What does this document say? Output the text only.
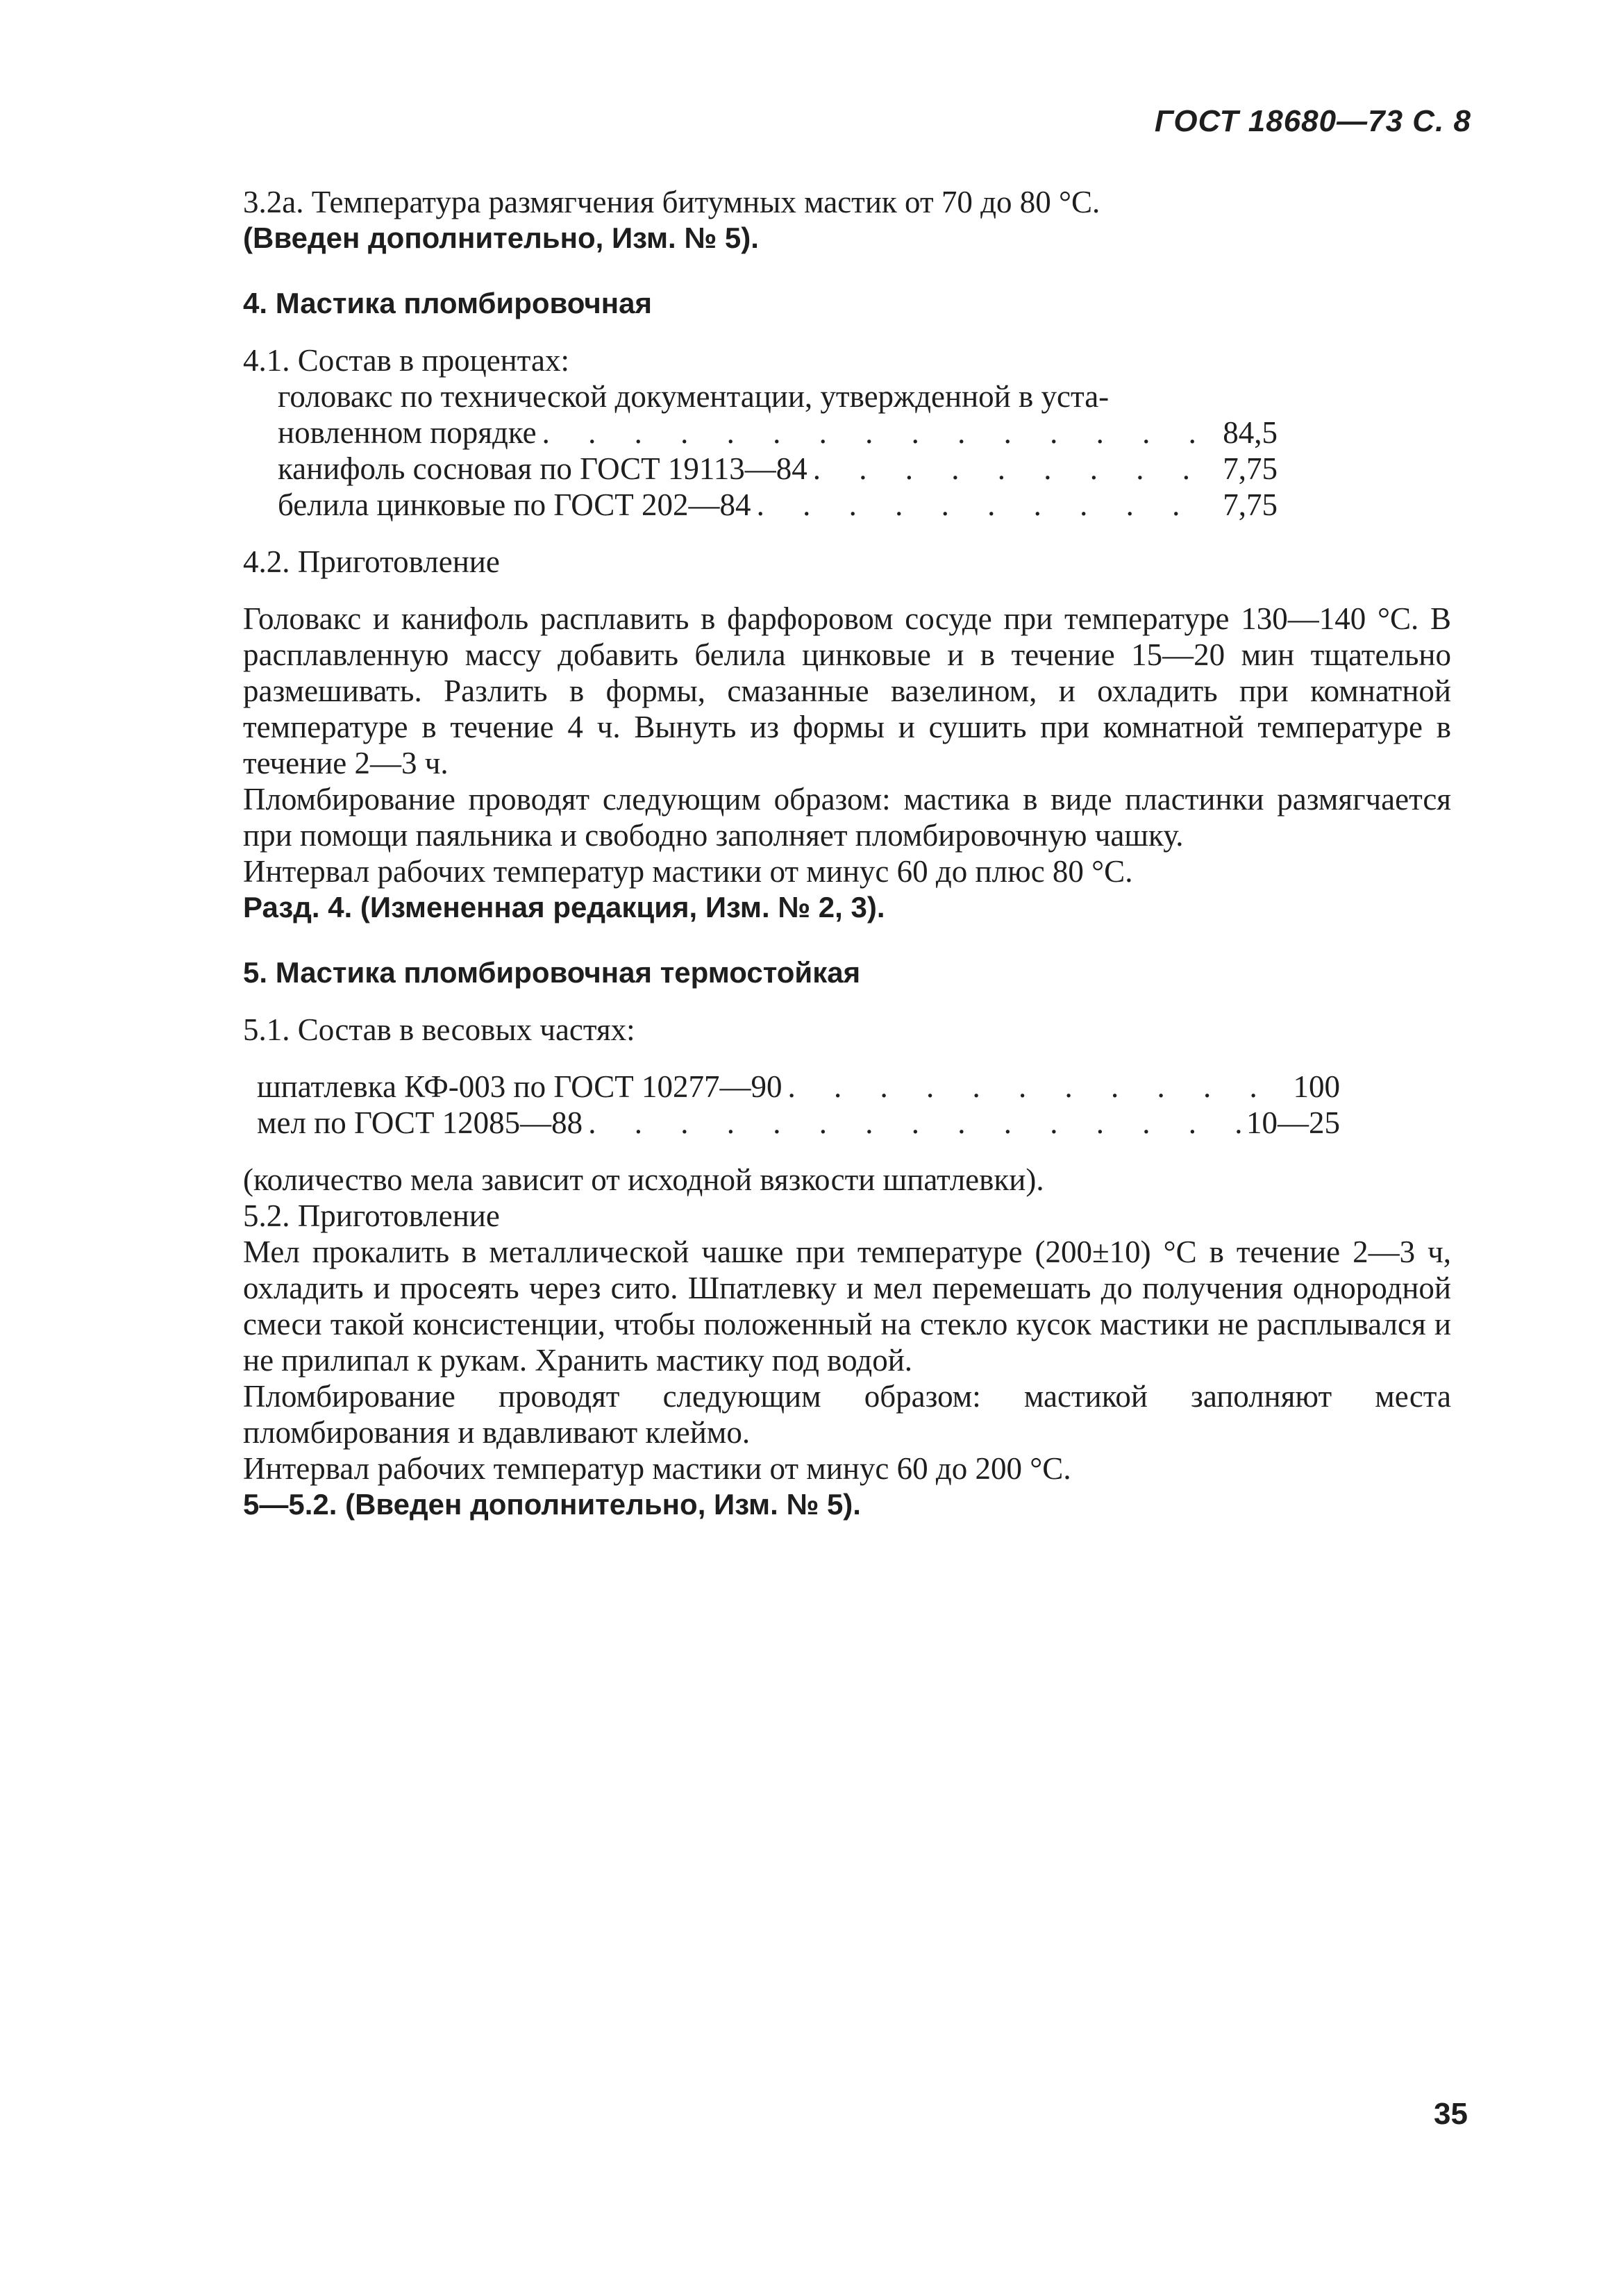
ГОСТ 18680—73 С. 8

3.2а. Температура размягчения битумных мастик от 70 до 80 °С.

(Введен дополнительно, Изм. № 5).

4. Мастика пломбировочная

4.1. Состав в процентах:

головакс по технической документации, утвержденной в уста-

новленном порядке . . .	84,5
канифоль сосновая по ГОСТ 19113—84 . . .	7,75
белила цинковые по ГОСТ 202—84 . . .	7,75

4.2. Приготовление

Головакс и канифоль расплавить в фарфоровом сосуде при температуре 130—140 °С. В расплавленную массу добавить белила цинковые и в течение 15—20 мин тщательно размешивать. Разлить в формы, смазанные вазелином, и охладить при комнатной температуре в течение 4 ч. Вынуть из формы и сушить при комнатной температуре в течение 2—3 ч.

Пломбирование проводят следующим образом: мастика в виде пластинки размягчается при помощи паяльника и свободно заполняет пломбировочную чашку.

Интервал рабочих температур мастики от минус 60 до плюс 80 °С.

Разд. 4. (Измененная редакция, Изм. № 2, 3).

5. Мастика пломбировочная термостойкая

5.1. Состав в весовых частях:

шпатлевка КФ-003 по ГОСТ 10277—90 . . .	100
мел по ГОСТ 12085—88 . . .	10—25

(количество мела зависит от исходной вязкости шпатлевки).

5.2. Приготовление

Мел прокалить в металлической чашке при температуре (200±10) °С в течение 2—3 ч, охладить и просеять через сито. Шпатлевку и мел перемешать до получения однородной смеси такой консистенции, чтобы положенный на стекло кусок мастики не расплывался и не прилипал к рукам. Хранить мастику под водой.

Пломбирование проводят следующим образом: мастикой заполняют места пломбирования и вдавливают клеймо.

Интервал рабочих температур мастики от минус 60 до 200 °С.

5—5.2. (Введен дополнительно, Изм. № 5).

35
